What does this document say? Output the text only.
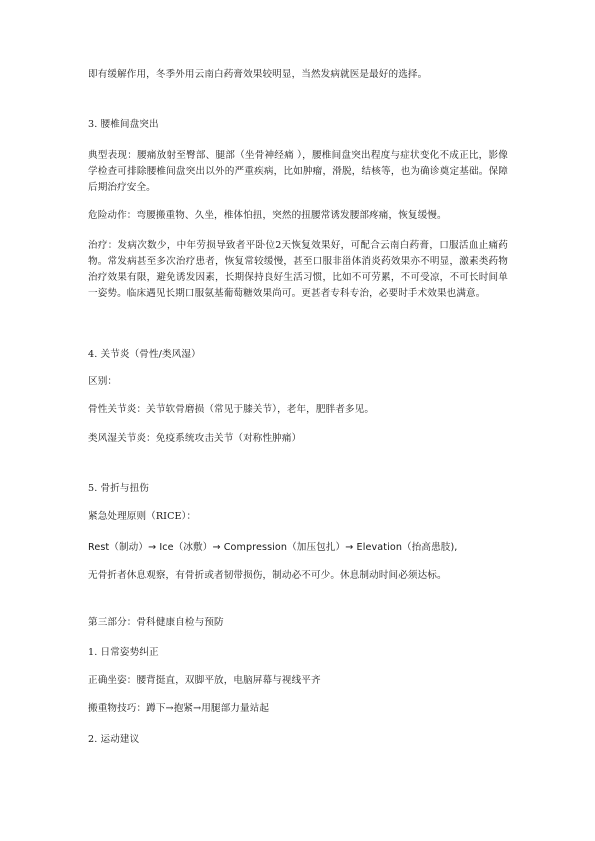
即有缓解作用，冬季外用云南白药膏效果较明显，当然发病就医是最好的选择。
3. 腰椎间盘突出
典型表现：腰痛放射至臀部、腿部（坐骨神经痛 ），腰椎间盘突出程度与症状变化不成正比，影像学检查可排除腰椎间盘突出以外的严重疾病，比如肿瘤，滑脱，结核等，也为确诊奠定基础。保障后期治疗安全。
危险动作：弯腰搬重物、久坐，椎体怕扭，突然的扭腰常诱发腰部疼痛，恢复缓慢。
治疗：发病次数少，中年劳损导致者平卧位2天恢复效果好，可配合云南白药膏，口服活血止痛药物。常发病甚至多次治疗患者，恢复常较缓慢，甚至口服非甾体消炎药效果亦不明显，激素类药物治疗效果有限，避免诱发因素，长期保持良好生活习惯，比如不可劳累，不可受凉，不可长时间单一姿势。临床遇见长期口服氨基葡萄糖效果尚可。更甚者专科专治，必要时手术效果也满意。
4. 关节炎（骨性/类风湿）
区别：
骨性关节炎：关节软骨磨损（常见于膝关节），老年，肥胖者多见。
类风湿关节炎：免疫系统攻击关节（对称性肿痛）
5. 骨折与扭伤
紧急处理原则（RICE）：
Rest（制动）→ Ice（冰敷）→ Compression（加压包扎）→ Elevation（抬高患肢),
无骨折者休息观察，有骨折或者韧带损伤，制动必不可少。休息制动时间必须达标。
第三部分：骨科健康自检与预防
1. 日常姿势纠正
正确坐姿：腰背挺直，双脚平放，电脑屏幕与视线平齐
搬重物技巧：蹲下→抱紧→用腿部力量站起
2. 运动建议
